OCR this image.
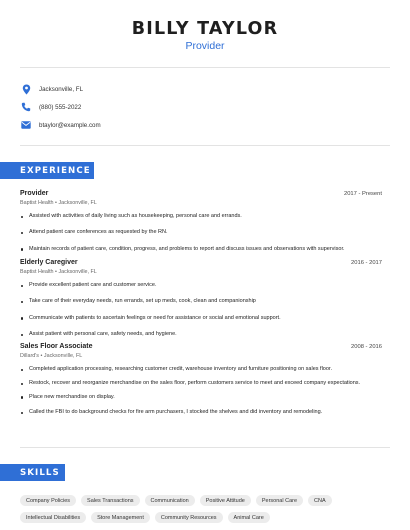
BILLY TAYLOR
Provider
Jacksonville, FL
(880) 555-2022
btaylor@example.com
EXPERIENCE
Provider	2017 - Present
Baptist Health • Jacksonville, FL
Assisted with activities of daily living such as housekeeping, personal care and errands.
Attend patient care conferences as requested by the RN.
Maintain records of patient care, condition, progress, and problems to report and discuss issues and observations with supervisor.
Elderly Caregiver	2016 - 2017
Baptist Health • Jacksonville, FL
Provide excellent patient care and customer service.
Take care of their everyday needs, run errands, set up meds, cook, clean and companionship
Communicate with patients to ascertain feelings or need for assistance or social and emotional support.
Assist patient with personal care, safety needs, and hygiene.
Sales Floor Associate	2008 - 2016
Dillard's • Jacksonville, FL
Completed application processing, researching customer credit, warehouse inventory and furniture positioning on sales floor.
Restock, recover and reorganize merchandise on the sales floor, perform customers service to meet and exceed company expectations.
Place new merchandise on display.
Called the FBI to do background checks for fire arm purchasers, I stocked the shelves and did inventory and remodeling.
SKILLS
Company Policies	Sales Transactions	Communication	Positive Attitude	Personal Care	CNA
Intellectual Disabilities	Store Management	Community Resources	Animal Care
